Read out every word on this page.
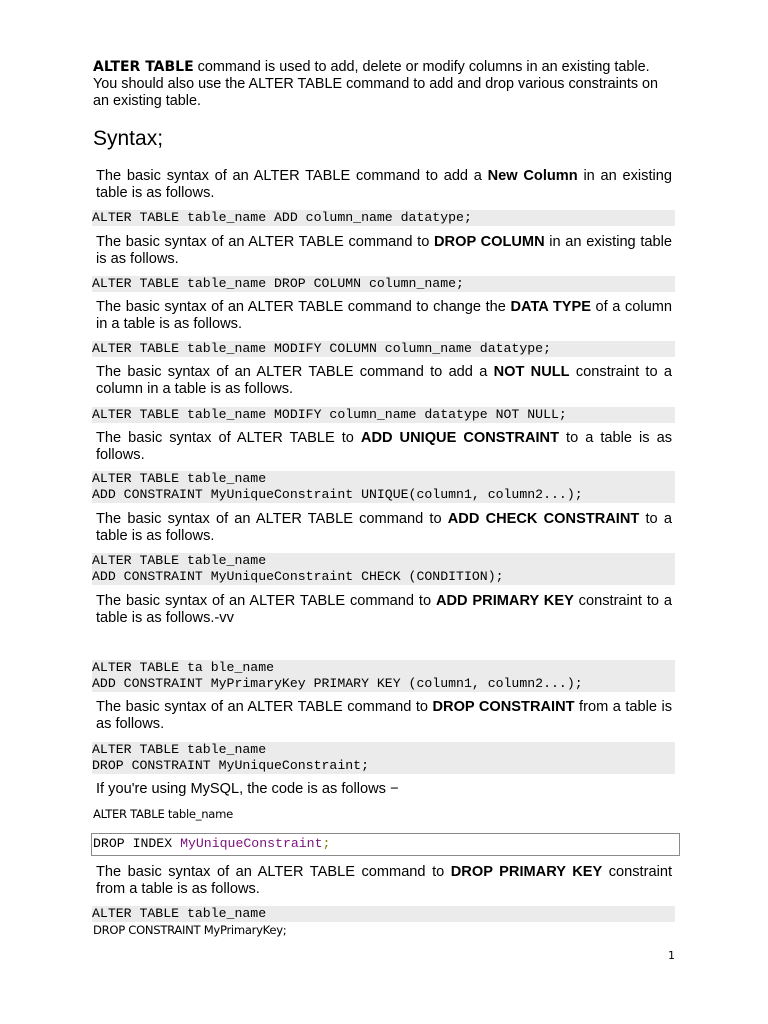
ALTER TABLE command is used to add, delete or modify columns in an existing table. You should also use the ALTER TABLE command to add and drop various constraints on an existing table.
Syntax;
The basic syntax of an ALTER TABLE command to add a New Column in an existing table is as follows.
ALTER TABLE table_name ADD column_name datatype;
The basic syntax of an ALTER TABLE command to DROP COLUMN in an existing table is as follows.
ALTER TABLE table_name DROP COLUMN column_name;
The basic syntax of an ALTER TABLE command to change the DATA TYPE of a column in a table is as follows.
ALTER TABLE table_name MODIFY COLUMN column_name datatype;
The basic syntax of an ALTER TABLE command to add a NOT NULL constraint to a column in a table is as follows.
ALTER TABLE table_name MODIFY column_name datatype NOT NULL;
The basic syntax of ALTER TABLE to ADD UNIQUE CONSTRAINT to a table is as follows.
ALTER TABLE table_name
ADD CONSTRAINT MyUniqueConstraint UNIQUE(column1, column2...);
The basic syntax of an ALTER TABLE command to ADD CHECK CONSTRAINT to a table is as follows.
ALTER TABLE table_name
ADD CONSTRAINT MyUniqueConstraint CHECK (CONDITION);
The basic syntax of an ALTER TABLE command to ADD PRIMARY KEY constraint to a table is as follows.-vv
ALTER TABLE ta ble_name
ADD CONSTRAINT MyPrimaryKey PRIMARY KEY (column1, column2...);
The basic syntax of an ALTER TABLE command to DROP CONSTRAINT from a table is as follows.
ALTER TABLE table_name
DROP CONSTRAINT MyUniqueConstraint;
If you're using MySQL, the code is as follows −
ALTER TABLE table_name
DROP INDEX MyUniqueConstraint;
The basic syntax of an ALTER TABLE command to DROP PRIMARY KEY constraint from a table is as follows.
ALTER TABLE table_name
DROP CONSTRAINT MyPrimaryKey;
1
